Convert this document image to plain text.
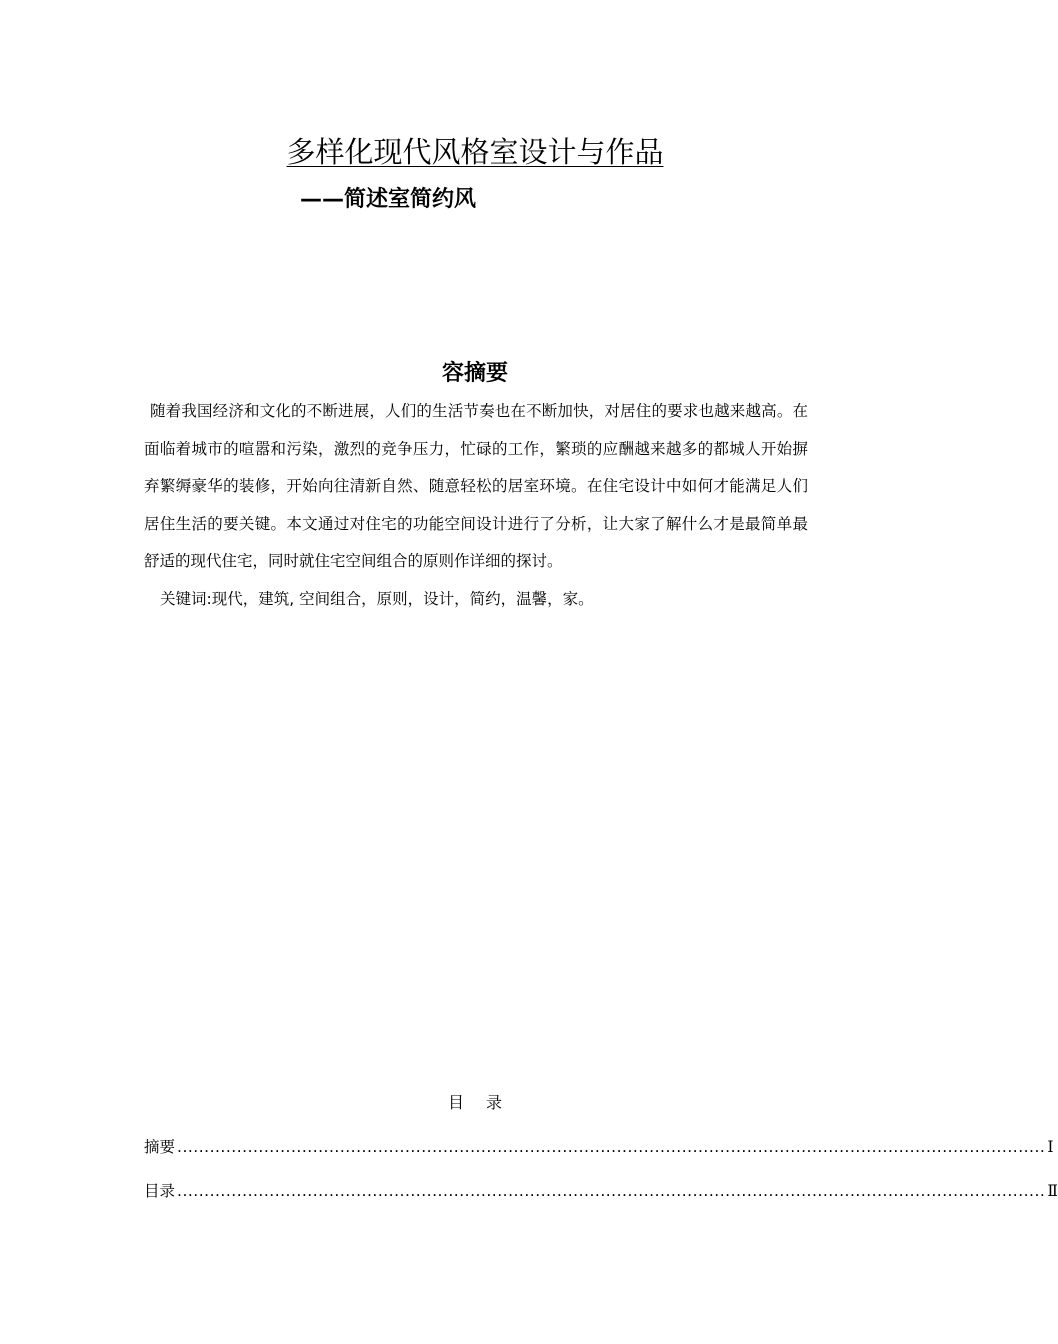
多样化现代风格室设计与作品
——简述室简约风
容摘要

随着我国经济和文化的不断进展，人们的生活节奏也在不断加快，对居住的要求也越来越高。在面临着城市的喧嚣和污染，激烈的竞争压力，忙碌的工作，繁琐的应酬越来越多的都城人开始摒弃繁缛豪华的装修，开始向往清新自然、随意轻松的居室环境。在住宅设计中如何才能满足人们居住生活的要关键。本文通过对住宅的功能空间设计进行了分析，让大家了解什么才是最简单最舒适的现代住宅，同时就住宅空间组合的原则作详细的探讨。

关键词:现代，建筑, 空间组合，原则，设计，简约，温馨，家。

目 录
摘要 ................................................................................................................................................................ Ⅰ
目录 ................................................................................................................................................................ Ⅱ
